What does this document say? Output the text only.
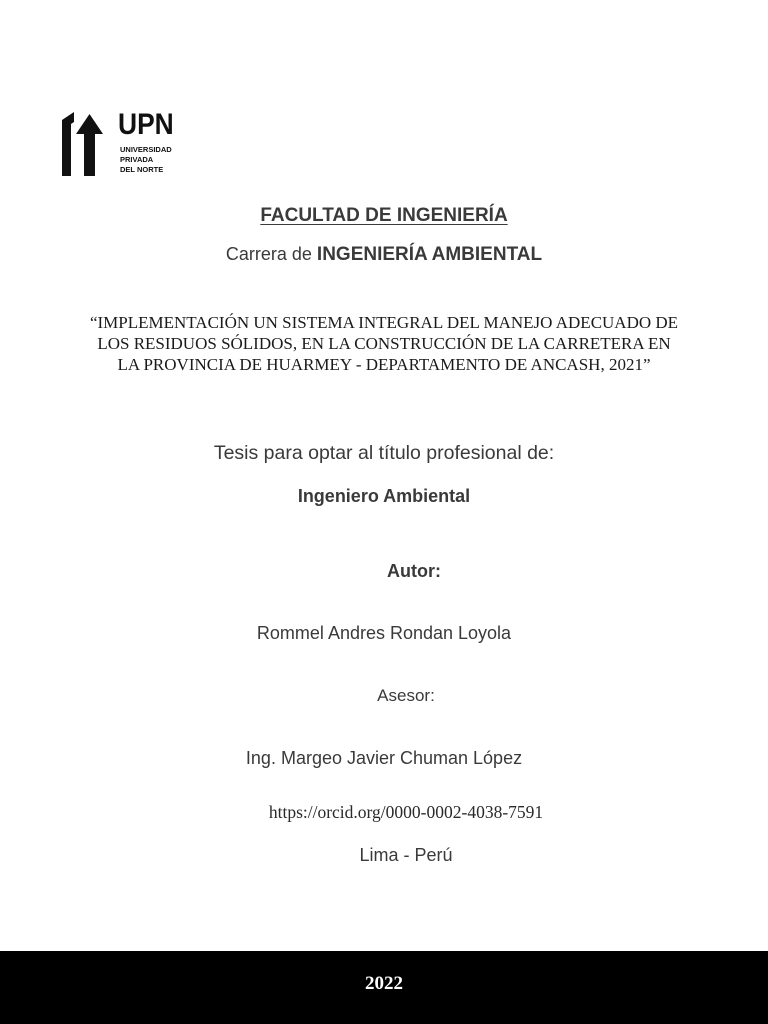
UPN
UNIVERSIDAD
PRIVADA
DEL NORTE
FACULTAD DE INGENIERÍA
Carrera de INGENIERÍA AMBIENTAL
“IMPLEMENTACIÓN UN SISTEMA INTEGRAL DEL MANEJO ADECUADO DE LOS RESIDUOS SÓLIDOS, EN LA CONSTRUCCIÓN DE LA CARRETERA EN LA PROVINCIA DE HUARMEY - DEPARTAMENTO DE ANCASH, 2021”
Tesis para optar al título profesional de:
Ingeniero Ambiental
Autor:
Rommel Andres Rondan Loyola
Asesor:
Ing. Margeo Javier Chuman López
https://orcid.org/0000-0002-4038-7591
Lima - Perú
2022
